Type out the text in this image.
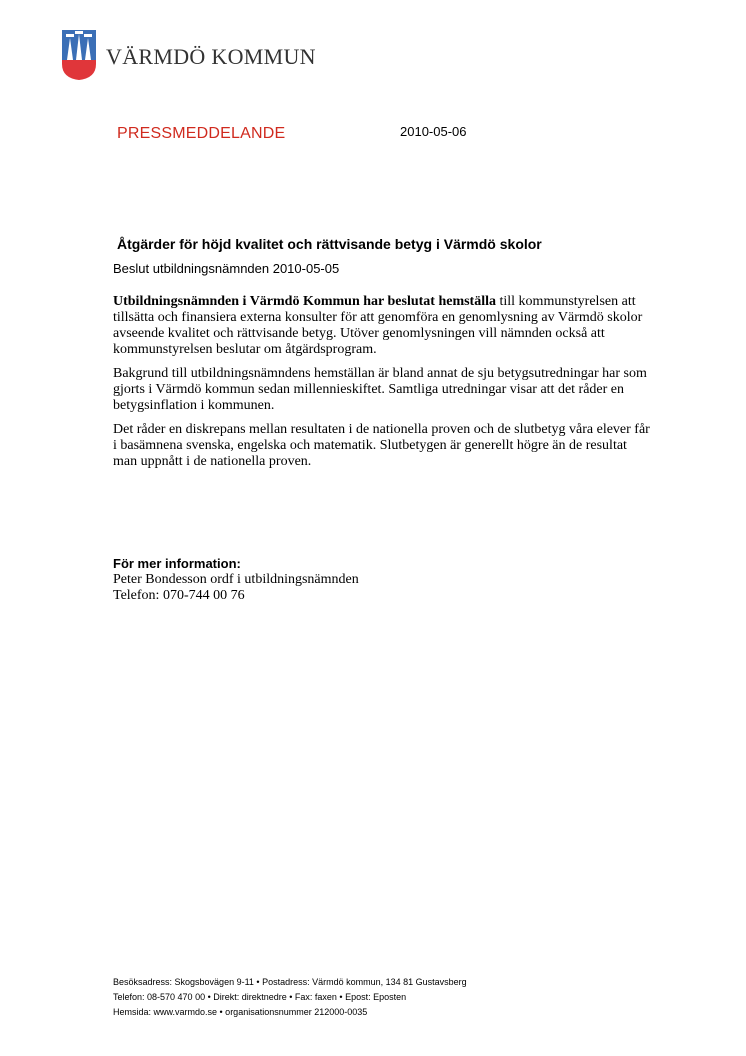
VÄRMDÖ KOMMUN
PRESSMEDDELANDE	2010-05-06
Åtgärder för höjd kvalitet och rättvisande betyg i Värmdö skolor
Beslut utbildningsnämnden 2010-05-05

Utbildningsnämnden i Värmdö Kommun har beslutat hemställa till kommunstyrelsen att tillsätta och finansiera externa konsulter för att genomföra en genomlysning av Värmdö skolor avseende kvalitet och rättvisande betyg. Utöver genomlysningen vill nämnden också att kommunstyrelsen beslutar om åtgärdsprogram.

Bakgrund till utbildningsnämndens hemställan är bland annat de sju betygsutredningar har som gjorts i Värmdö kommun sedan millennieskiftet. Samtliga utredningar visar att det råder en betygsinflation i kommunen.

Det råder en diskrepans mellan resultaten i de nationella proven och de slutbetyg våra elever får i basämnena svenska, engelska och matematik. Slutbetygen är generellt högre än de resultat man uppnått i de nationella proven.

För mer information:
Peter Bondesson ordf i utbildningsnämnden
Telefon: 070-744 00 76
Besöksadress: Skogsbovägen 9-11 • Postadress: Värmdö kommun, 134 81 Gustavsberg
Telefon: 08-570 470 00 • Direkt: direktnedre • Fax: faxen • Epost: Eposten
Hemsida: www.varmdo.se • organisationsnummer 212000-0035
